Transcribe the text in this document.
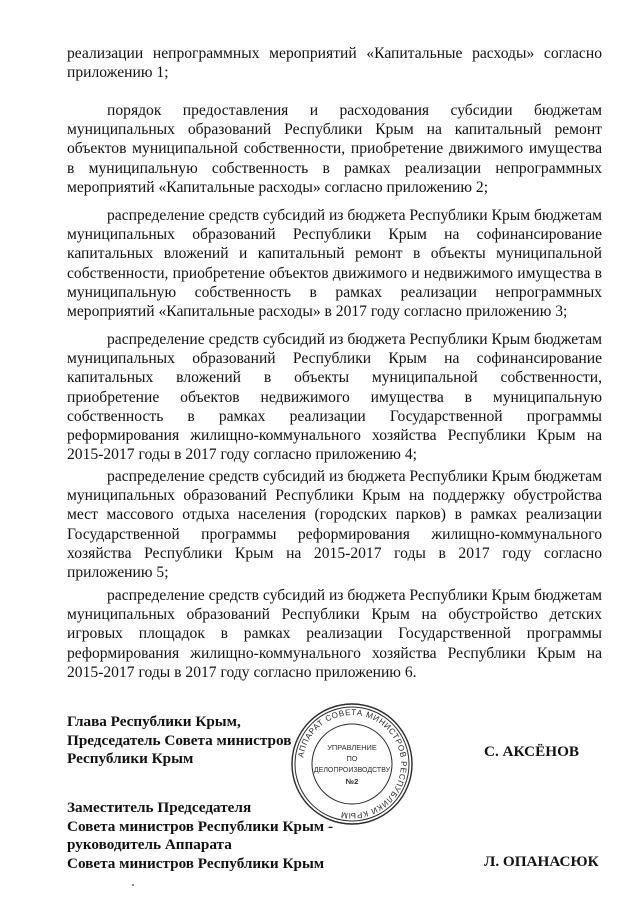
реализации непрограммных мероприятий «Капитальные расходы» согласно приложению 1;
порядок предоставления и расходования субсидии бюджетам муниципальных образований Республики Крым на капитальный ремонт объектов муниципальной собственности, приобретение движимого имущества в муниципальную собственность в рамках реализации непрограммных мероприятий «Капитальные расходы» согласно приложению 2;
распределение средств субсидий из бюджета Республики Крым бюджетам муниципальных образований Республики Крым на софинансирование капитальных вложений и капитальный ремонт в объекты муниципальной собственности, приобретение объектов движимого и недвижимого имущества в муниципальную собственность в рамках реализации непрограммных мероприятий «Капитальные расходы» в 2017 году согласно приложению 3;
распределение средств субсидий из бюджета Республики Крым бюджетам муниципальных образований Республики Крым на софинансирование капитальных вложений в объекты муниципальной собственности, приобретение объектов недвижимого имущества в муниципальную собственность в рамках реализации Государственной программы реформирования жилищно-коммунального хозяйства Республики Крым на 2015-2017 годы в 2017 году согласно приложению 4;
распределение средств субсидий из бюджета Республики Крым бюджетам муниципальных образований Республики Крым на поддержку обустройства мест массового отдыха населения (городских парков) в рамках реализации Государственной программы реформирования жилищно-коммунального хозяйства Республики Крым на 2015-2017 годы в 2017 году согласно приложению 5;
распределение средств субсидий из бюджета Республики Крым бюджетам муниципальных образований Республики Крым на обустройство детских игровых площадок в рамках реализации Государственной программы реформирования жилищно-коммунального хозяйства Республики Крым на 2015-2017 годы в 2017 году согласно приложению 6.
Глава Республики Крым,
Председатель Совета министров
Республики Крым	С. АКСЁНОВ
Заместитель Председателя
Совета министров Республики Крым -
руководитель Аппарата
Совета министров Республики Крым	Л. ОПАНАСЮК
АППАРАТ СОВЕТА МИНИСТРОВ РЕСПУБЛИКИ КРЫМ
УПРАВЛЕНИЕ
ПО
ДЕЛОПРОИЗВОДСТВУ
№2
